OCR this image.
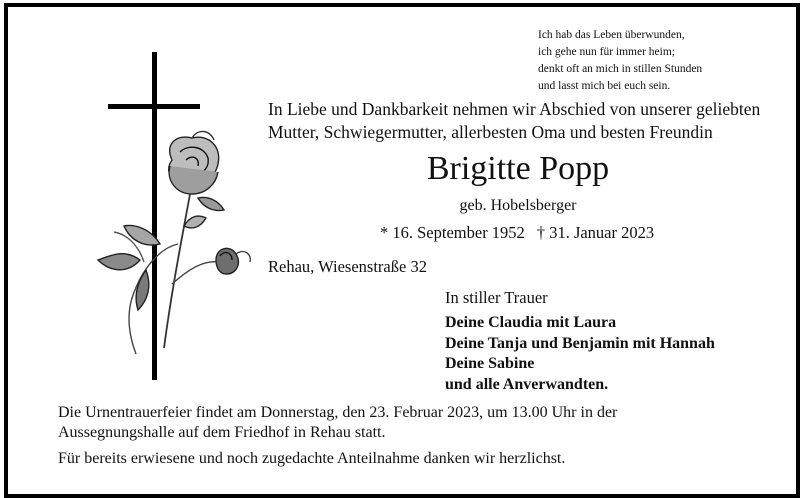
Ich hab das Leben überwunden,
ich gehe nun für immer heim;
denkt oft an mich in stillen Stunden
und lasst mich bei euch sein.
In Liebe und Dankbarkeit nehmen wir Abschied von unserer geliebten
Mutter, Schwiegermutter, allerbesten Oma und besten Freundin
Brigitte Popp
geb. Hobelsberger
* 16. September 1952 † 31. Januar 2023
Rehau, Wiesenstraße 32
In stiller Trauer
Deine Claudia mit Laura
Deine Tanja und Benjamin mit Hannah
Deine Sabine
und alle Anverwandten.
Die Urnentrauerfeier findet am Donnerstag, den 23. Februar 2023, um 13.00 Uhr in der
Aussegnungshalle auf dem Friedhof in Rehau statt.
Für bereits erwiesene und noch zugedachte Anteilnahme danken wir herzlichst.
